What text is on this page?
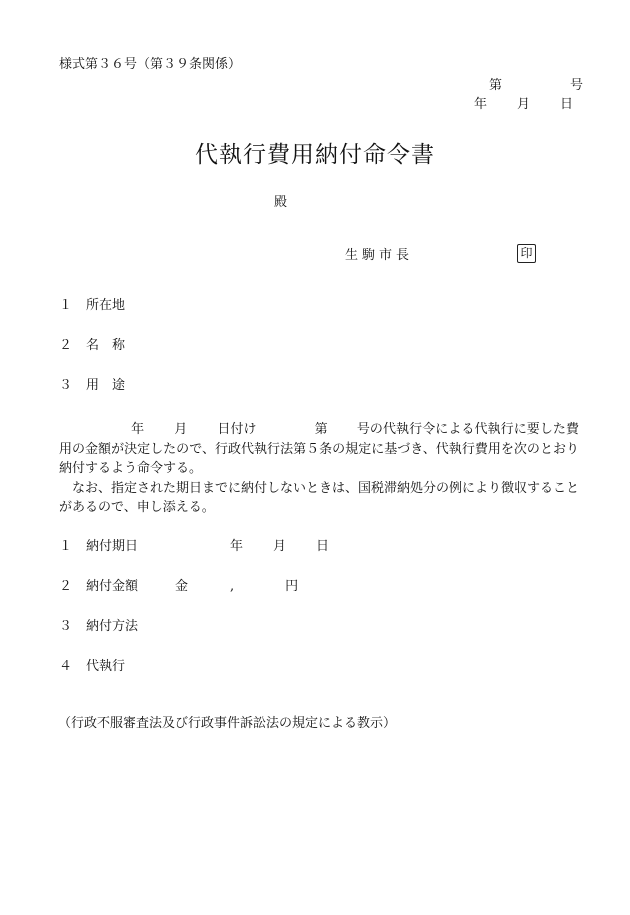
様式第３６号（第３９条関係）
第	号
年 月 日
代執行費用納付命令書
殿
生駒市長	印
１ 所在地
２ 名　称
３ 用　途

年 月 日付け	第 号の代執行令による代執行に要した費用の金額が決定したので、行政代執行法第５条の規定に基づき、代執行費用を次のとおり納付するよう命令する。

なお、指定された期日までに納付しないときは、国税滞納処分の例により徴収することがあるので、申し添える。

１ 納付期日	年 月 日
２ 納付金額	金	,	円
３ 納付方法
４ 代執行
（行政不服審査法及び行政事件訴訟法の規定による教示）
